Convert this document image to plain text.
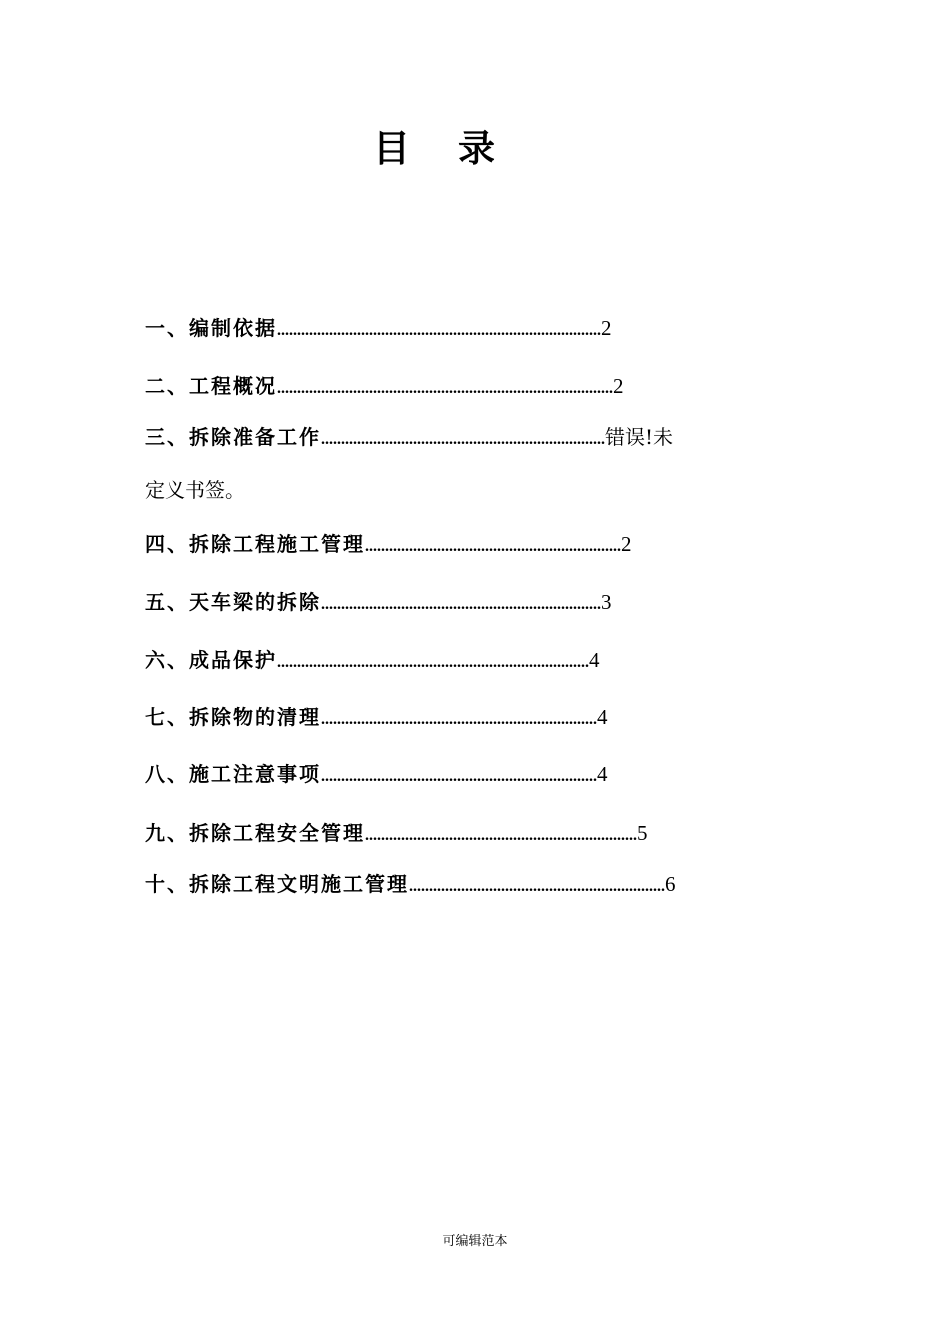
目录
一、编制依据.................................................................................2
二、工程概况....................................................................................2
三、拆除准备工作.......................................................................错误!未
定义书签。
四、拆除工程施工管理................................................................2
五、天车梁的拆除......................................................................3
六、成品保护..............................................................................4
七、拆除物的清理.....................................................................4
八、施工注意事项.....................................................................4
九、拆除工程安全管理....................................................................5
十、拆除工程文明施工管理................................................................6
可编辑范本
